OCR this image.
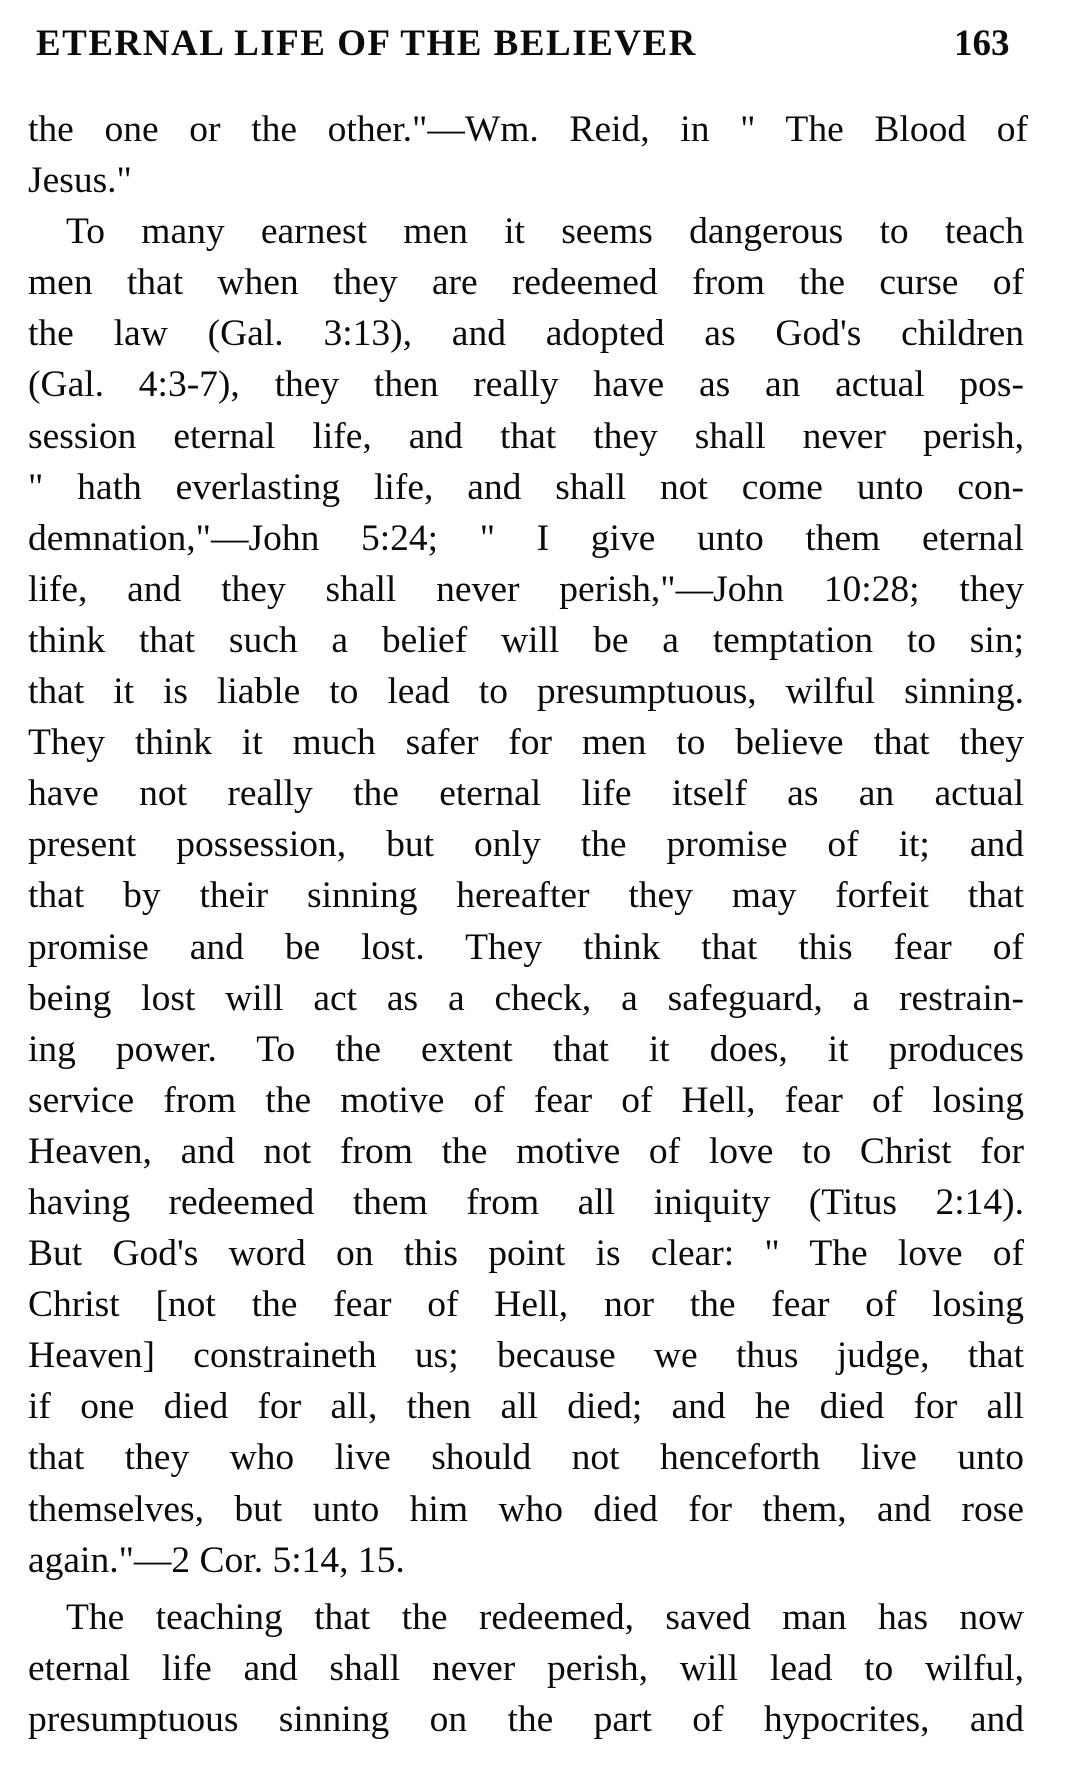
ETERNAL LIFE OF THE BELIEVER	163
the one or the other."—Wm. Reid, in " The Blood of
Jesus."
To many earnest men it seems dangerous to teach
men that when they are redeemed from the curse of
the law (Gal. 3:13), and adopted as God's children
(Gal. 4:3-7), they then really have as an actual pos-
session eternal life, and that they shall never perish,
" hath everlasting life, and shall not come unto con-
demnation,"—John 5:24; " I give unto them eternal
life, and they shall never perish,"—John 10:28; they
think that such a belief will be a temptation to sin;
that it is liable to lead to presumptuous, wilful sinning.
They think it much safer for men to believe that they
have not really the eternal life itself as an actual
present possession, but only the promise of it; and
that by their sinning hereafter they may forfeit that
promise and be lost. They think that this fear of
being lost will act as a check, a safeguard, a restrain-
ing power. To the extent that it does, it produces
service from the motive of fear of Hell, fear of losing
Heaven, and not from the motive of love to Christ for
having redeemed them from all iniquity (Titus 2:14).
But God's word on this point is clear: " The love of
Christ [not the fear of Hell, nor the fear of losing
Heaven] constraineth us; because we thus judge, that
if one died for all, then all died; and he died for all
that they who live should not henceforth live unto
themselves, but unto him who died for them, and rose
again."—2 Cor. 5:14, 15.
The teaching that the redeemed, saved man has now
eternal life and shall never perish, will lead to wilful,
presumptuous sinning on the part of hypocrites, and
